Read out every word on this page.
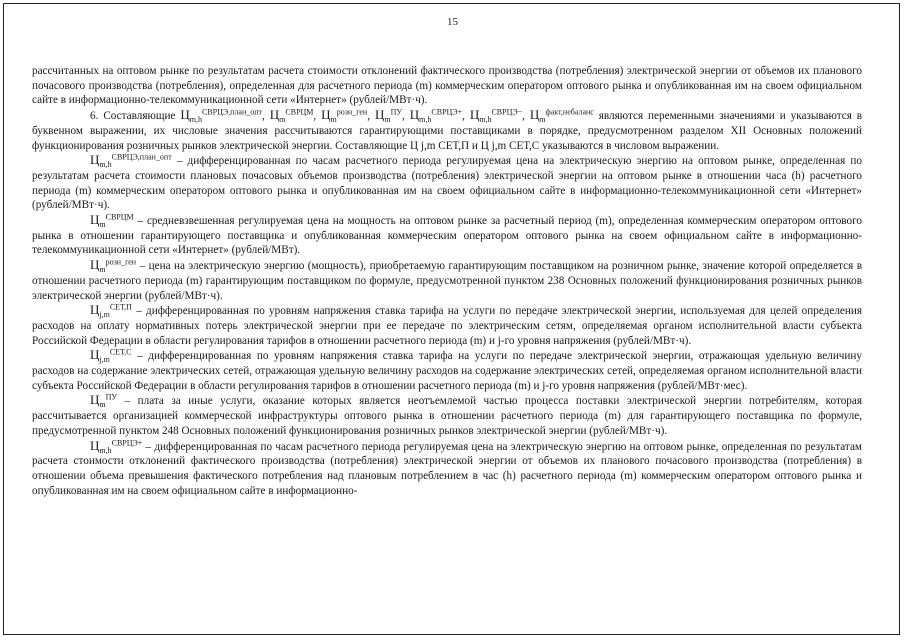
15

рассчитанных на оптовом рынке по результатам расчета стоимости отклонений фактического производства (потребления) электрической энергии от объемов их планового почасового производства (потребления), определенная для расчетного периода (m) коммерческим оператором оптового рынка и опубликованная им на своем официальном сайте в информационно-телекоммуникационной сети «Интернет» (рублей/МВт·ч).

6. Составляющие $Ц_{m,h}^{СВРЦЭ,план\_опт}$, $Ц_m^{СВРЦМ}$, $Ц_m^{розн\_ген}$, $Ц_m^{ПУ}$, $Ц_{m,h}^{СВРЦЭ+}$, $Ц_{m,h}^{СВРЦЭ-}$, $Ц_m^{факт,небаланс}$ являются переменными значениями и указываются в буквенном выражении, их числовые значения рассчитываются гарантирующими поставщиками в порядке, предусмотренном разделом XII Основных положений функционирования розничных рынков электрической энергии. Составляющие Ц j,m СЕТ,П и Ц j,m СЕТ,С указываются в числовом выражении.

$Ц_{m,h}^{СВРЦЭ,план\_опт}$ – дифференцированная по часам расчетного периода регулируемая цена на электрическую энергию на оптовом рынке, определенная по результатам расчета стоимости плановых почасовых объемов производства (потребления) электрической энергии на оптовом рынке в отношении часа (h) расчетного периода (m) коммерческим оператором оптового рынка и опубликованная им на своем официальном сайте в информационно-телекоммуникационной сети «Интернет» (рублей/МВт·ч).

$Ц_m^{СВРЦМ}$ – средневзвешенная регулируемая цена на мощность на оптовом рынке за расчетный период (m), определенная коммерческим оператором оптового рынка в отношении гарантирующего поставщика и опубликованная коммерческим оператором оптового рынка на своем официальном сайте в информационно-телекоммуникационной сети «Интернет» (рублей/МВт).

$Ц_m^{розн\_ген}$ – цена на электрическую энергию (мощность), приобретаемую гарантирующим поставщиком на розничном рынке, значение которой определяется в отношении расчетного периода (m) гарантирующим поставщиком по формуле, предусмотренной пунктом 238 Основных положений функционирования розничных рынков электрической энергии (рублей/МВт·ч).

$Ц_{j,m}^{СЕТ,П}$ – дифференцированная по уровням напряжения ставка тарифа на услуги по передаче электрической энергии, используемая для целей определения расходов на оплату нормативных потерь электрической энергии при ее передаче по электрическим сетям, определяемая органом исполнительной власти субъекта Российской Федерации в области регулирования тарифов в отношении расчетного периода (m) и j-го уровня напряжения (рублей/МВт·ч).

$Ц_{j,m}^{СЕТ,С}$ – дифференцированная по уровням напряжения ставка тарифа на услуги по передаче электрической энергии, отражающая удельную величину расходов на содержание электрических сетей, отражающая удельную величину расходов на содержание электрических сетей, определяемая органом исполнительной власти субъекта Российской Федерации в области регулирования тарифов в отношении расчетного периода (m) и j-го уровня напряжения (рублей/МВт·мес).

$Ц_m^{ПУ}$ – плата за иные услуги, оказание которых является неотъемлемой частью процесса поставки электрической энергии потребителям, которая рассчитывается организацией коммерческой инфраструктуры оптового рынка в отношении расчетного периода (m) для гарантирующего поставщика по формуле, предусмотренной пунктом 248 Основных положений функционирования розничных рынков электрической энергии (рублей/МВт·ч).

$Ц_{m,h}^{СВРЦЭ+}$ – дифференцированная по часам расчетного периода регулируемая цена на электрическую энергию на оптовом рынке, определенная по результатам расчета стоимости отклонений фактического производства (потребления) электрической энергии от объемов их планового почасового производства (потребления) в отношении объема превышения фактического потребления над плановым потреблением в час (h) расчетного периода (m) коммерческим оператором оптового рынка и опубликованная им на своем официальном сайте в информационно-
